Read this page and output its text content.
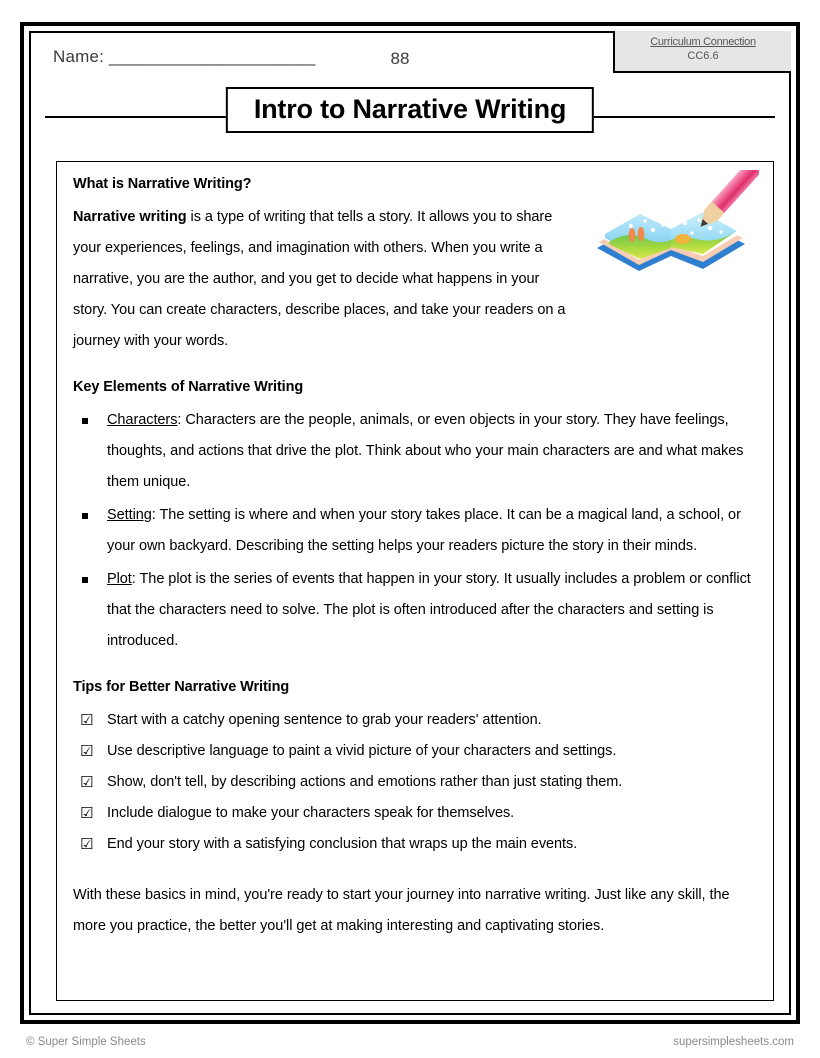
Name: _______________________	88
Curriculum Connection
CC6.6
Intro to Narrative Writing
What is Narrative Writing?

Narrative writing is a type of writing that tells a story. It allows you to share your experiences, feelings, and imagination with others. When you write a narrative, you are the author, and you get to decide what happens in your story. You can create characters, describe places, and take your readers on a journey with your words.

Key Elements of Narrative Writing
Characters: Characters are the people, animals, or even objects in your story. They have feelings, thoughts, and actions that drive the plot. Think about who your main characters are and what makes them unique.
Setting: The setting is where and when your story takes place. It can be a magical land, a school, or your own backyard. Describing the setting helps your readers picture the story in their minds.
Plot: The plot is the series of events that happen in your story. It usually includes a problem or conflict that the characters need to solve. The plot is often introduced after the characters and setting is introduced.
Tips for Better Narrative Writing
☑ Start with a catchy opening sentence to grab your readers' attention.
☑ Use descriptive language to paint a vivid picture of your characters and settings.
☑ Show, don't tell, by describing actions and emotions rather than just stating them.
☑ Include dialogue to make your characters speak for themselves.
☑ End your story with a satisfying conclusion that wraps up the main events.

With these basics in mind, you're ready to start your journey into narrative writing. Just like any skill, the more you practice, the better you'll get at making interesting and captivating stories.

© Super Simple Sheets	supersimplesheets.com
